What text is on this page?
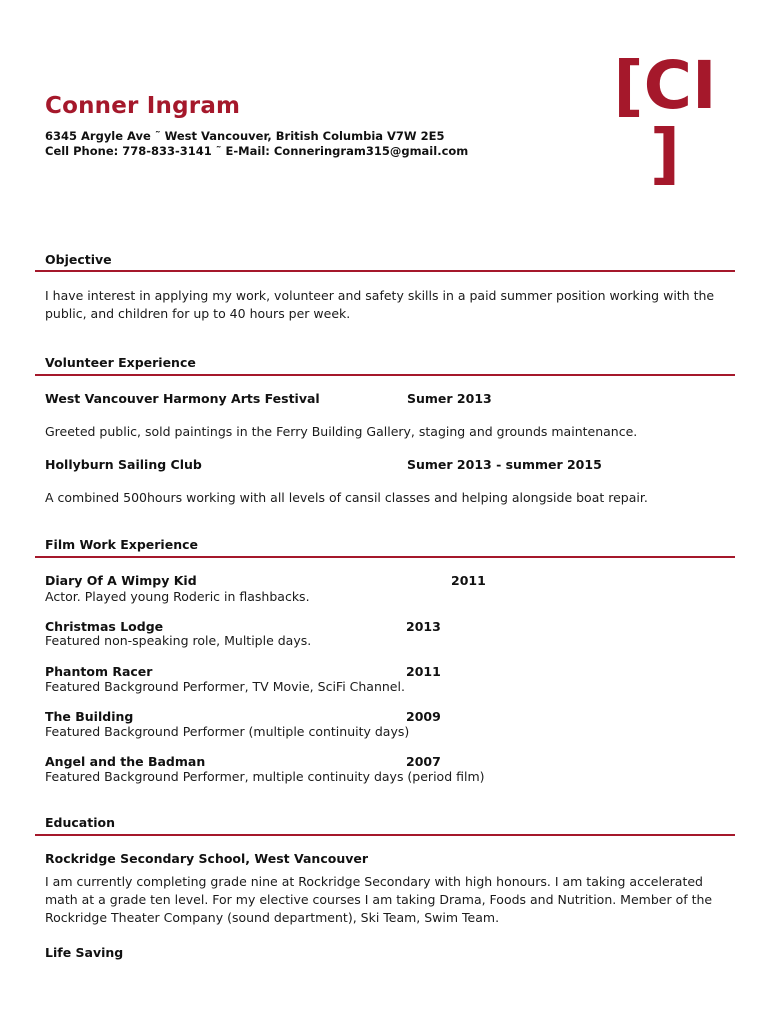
Conner Ingram
6345 Argyle Ave ˜ West Vancouver, British Columbia V7W 2E5
Cell Phone: 778-833-3141 ˜ E-Mail: Conneringram315@gmail.com
[CI
]
Objective
I have interest in applying my work, volunteer and safety skills in a paid summer position working with the public, and children for up to 40 hours per week.
Volunteer Experience
West Vancouver Harmony Arts Festival	Sumer 2013
Greeted public, sold paintings in the Ferry Building Gallery, staging and grounds maintenance.
Hollyburn Sailing Club	Sumer 2013 - summer 2015
A combined 500hours working with all levels of cansil classes and helping alongside boat repair.
Film Work Experience
Diary Of A Wimpy Kid	2011
Actor. Played young Roderic in flashbacks.
Christmas Lodge	2013
Featured non-speaking role, Multiple days.
Phantom Racer	2011
Featured Background Performer, TV Movie, SciFi Channel.
The Building	2009
Featured Background Performer (multiple continuity days)
Angel and the Badman	2007
Featured Background Performer, multiple continuity days (period film)
Education
Rockridge Secondary School, West Vancouver
I am currently completing grade nine at Rockridge Secondary with high honours. I am taking accelerated math at a grade ten level. For my elective courses I am taking Drama, Foods and Nutrition. Member of the Rockridge Theater Company (sound department), Ski Team, Swim Team.
Life Saving
